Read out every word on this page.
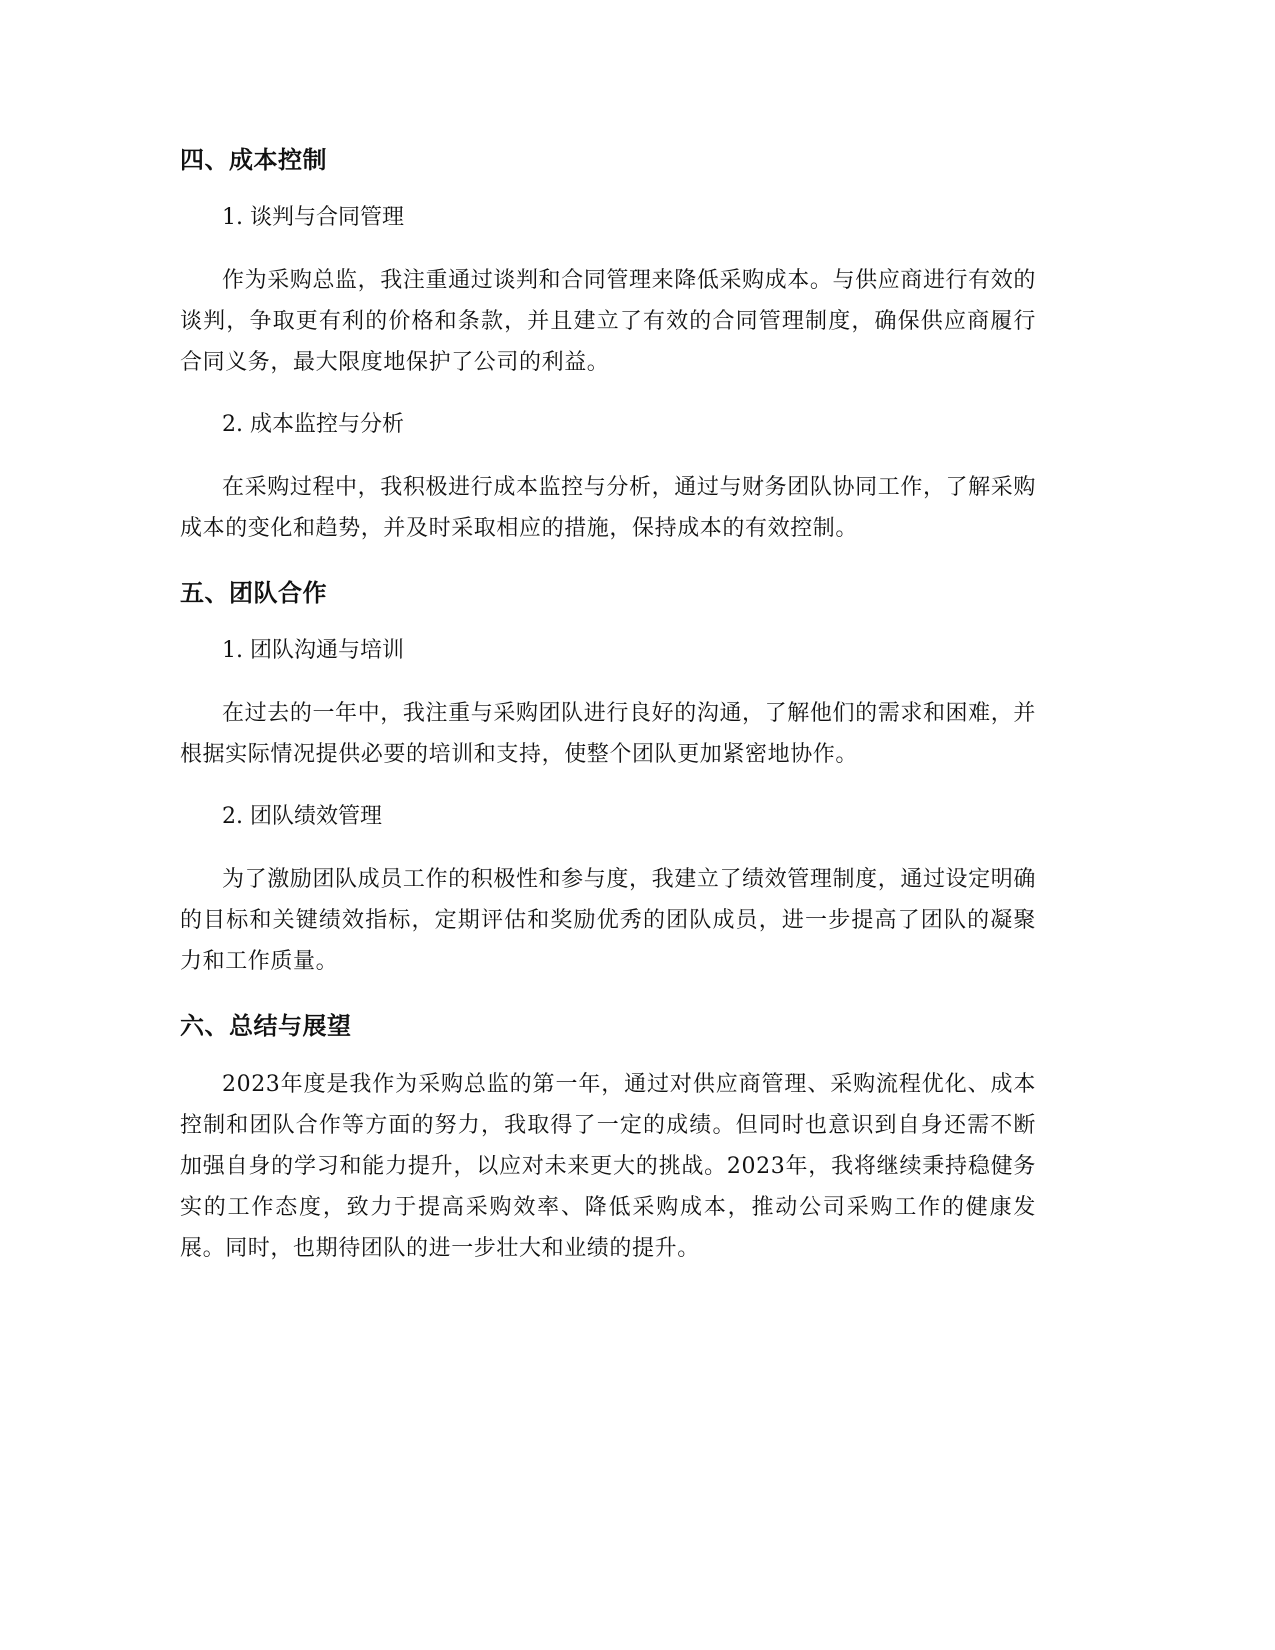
四、成本控制
1. 谈判与合同管理

作为采购总监，我注重通过谈判和合同管理来降低采购成本。与供应商进行有效的谈判，争取更有利的价格和条款，并且建立了有效的合同管理制度，确保供应商履行合同义务，最大限度地保护了公司的利益。

2. 成本监控与分析

在采购过程中，我积极进行成本监控与分析，通过与财务团队协同工作，了解采购成本的变化和趋势，并及时采取相应的措施，保持成本的有效控制。

五、团队合作
1. 团队沟通与培训

在过去的一年中，我注重与采购团队进行良好的沟通，了解他们的需求和困难，并根据实际情况提供必要的培训和支持，使整个团队更加紧密地协作。

2. 团队绩效管理

为了激励团队成员工作的积极性和参与度，我建立了绩效管理制度，通过设定明确的目标和关键绩效指标，定期评估和奖励优秀的团队成员，进一步提高了团队的凝聚力和工作质量。

六、总结与展望

2023年度是我作为采购总监的第一年，通过对供应商管理、采购流程优化、成本控制和团队合作等方面的努力，我取得了一定的成绩。但同时也意识到自身还需不断加强自身的学习和能力提升，以应对未来更大的挑战。2023年，我将继续秉持稳健务实的工作态度，致力于提高采购效率、降低采购成本，推动公司采购工作的健康发展。同时，也期待团队的进一步壮大和业绩的提升。
